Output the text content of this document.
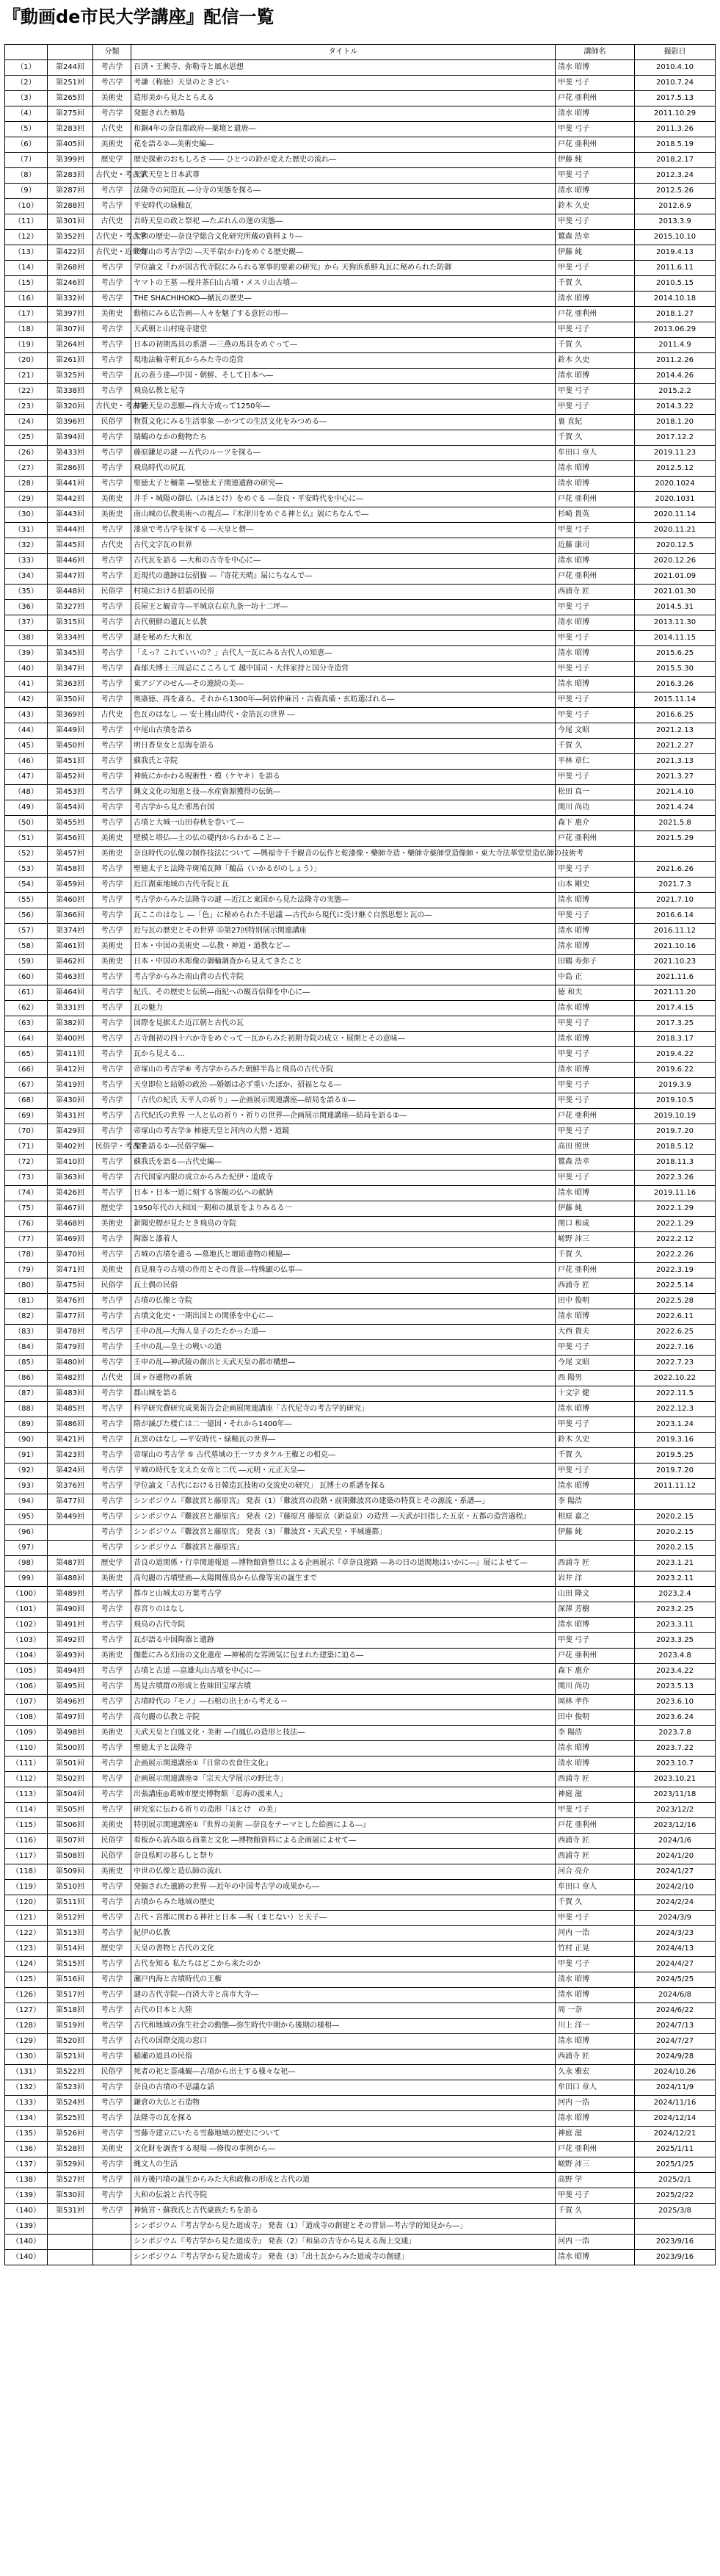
『動画de市民大学講座』配信一覧
		分類	タイトル	講師名	撮影日
（1）	第244回	考古学	百済・王興寺、弥勒寺と風水思想	清水 昭博	2010.4.10
（2）	第251回	考古学	考謙（称徳）天皇のときどい	甲斐 弓子	2010.7.24
（3）	第265回	美術史	造形美から見たとらえる	戸花 亜利州	2017.5.13
（4）	第275回	考古学	発掘された柿島	清水 昭博	2011.10.29
（5）	第283回	古代史	和銅4年の奈良都政府―薬壇と遣唐―	甲斐 弓子	2011.3.26
（6）	第405回	美術史	花を語る②―美術史編―	戸花 亜利州	2018.5.19
（7）	第399回	歴史学	歴史探索のおもしろさ ―― ひとつの鈴が変えた歴史の流れ―	伊藤 純	2018.2.17
（8）	第283回	古代史・考古学	天武天皇と日本武尊	甲斐 弓子	2012.3.24
（9）	第287回	考古学	法隆寺の同笵瓦 ―分寺の実態を探る―	清水 昭博	2012.5.26
（10）	第288回	考古学	平安時代の緑釉瓦	鈴木 久史	2012.6.9
（11）	第301回	古代史	吾時天皇の政と祭祀 ―たぶれんの運の実態―	甲斐 弓子	2013.3.9
（12）	第352回	古代史・考古学	大和の歴史―奈良学総合文化研究所蔵の資料より―	鷲森 浩幸	2015.10.10
（13）	第422回	古代史・近世史	帝塚山の考古学⑵ ―天平韋(かわ)をめぐる歴史観―	伊藤 純	2019.4.13
（14）	第268回	考古学	学位論文『わが国古代寺院にみられる軍事的要素の研究』から 天狗浜系鮮丸瓦に秘められた防御	甲斐 弓子	2011.6.11
（15）	第246回	考古学	ヤマトの王墓 ―桜井茶臼山古墳・メスリ山古墳―	千賀 久	2010.5.15
（16）	第332回	考古学	THE SHACHIHOKO―鯱瓦の歴史―	清水 昭博	2014.10.18
（17）	第397回	美術史	動植にみる広告画―人々を魅了する意匠の形―	戸花 亜利州	2018.1.27
（18）	第307回	考古学	天武朝と山村廃寺建堂	甲斐 弓子	2013.06.29
（19）	第264回	考古学	日本の初期馬具の系譜 ―三燕の馬具をめぐって―	千賀 久	2011.4.9
（20）	第261回	考古学	現地法輪寺軒瓦からみた寺の造営	鈴木 久史	2011.2.26
（21）	第325回	考古学	瓦の表う達―中国・朝鮮、そして日本へ―	清水 昭博	2014.4.26
（22）	第338回	考古学	飛鳥仏教と尼寺	甲斐 弓子	2015.2.2
（23）	第320回	古代史・考古学	柿徳天皇の悲願―西大寺成って1250年―	甲斐 弓子	2014.3.22
（24）	第396回	民俗学	物質文化にみる生活事象 ―かつての生活文化をみつめる―	裏 直紀	2018.1.20
（25）	第394回	考古学	瑞鶴のなかの動物たち	千賀 久	2017.12.2
（26）	第433回	考古学	藤原鎌足の謎 ―五代のルーツを探る―	牟田口 章人	2019.11.23
（27）	第286回	考古学	飛鳥時代の尻瓦	清水 昭博	2012.5.12
（28）	第441回	考古学	聖徳太子と輔業 ―聖徳太子関連遺跡の研究―	清水 昭博	2020.1024
（29）	第442回	美術史	井手・城陽の御仏（みほとけ）をめぐる ―奈良・平安時代を中心に―	戸花 亜利州	2020.1031
（30）	第443回	美術史	南山城の仏教美術への視点―『木津川をめぐる神と仏』展にちなんで―	杉崎 貴英	2020.11.14
（31）	第444回	考古学	漆泉で考古学を探する ―天皇と僧―	甲斐 弓子	2020.11.21
（32）	第445回	古代史	古代文字瓦の世界	近藤 康司	2020.12.5
（33）	第446回	考古学	古代瓦を語る ―大和の古寺を中心に―	清水 昭博	2020.12.26
（34）	第447回	考古学	近現代の遺跡は伝招猫 ―『寄花天晴』届にちなんで―	戸花 亜利州	2021.01.09
（35）	第448回	民俗学	村境における招請の民俗	西浦寺 匠	2021.01.30
（36）	第327回	考古学	長屋王と観音寺―平城京右京九条一坊十二坪―	甲斐 弓子	2014.5.31
（37）	第315回	考古学	古代朝鮮の遺瓦と仏教	清水 昭博	2013.11.30
（38）	第334回	考古学	謎を秘めた大和瓦	甲斐 弓子	2014.11.15
（39）	第345回	考古学	「えっ？これていいの？」古代人一瓦にみる古代人の知恵―	清水 昭博	2015.6.25
（40）	第347回	考古学	森郁夫博士三周忌にこころして 越中国司・大伴家持と国分寺造営	甲斐 弓子	2015.5.30
（41）	第363回	考古学	東アジアのせん―その連続の美―	清水 昭博	2016.3.26
（42）	第350回	考古学	奥康徳、再を斎る。それから1300年―阿倍仲麻呂・吉備真備・玄昉選ばれる―	甲斐 弓子	2015.11.14
（43）	第369回	古代史	色瓦のはなし ― 安土桃山時代・金箔瓦の世界 ―	甲斐 弓子	2016.6.25
（44）	第449回	考古学	中尾山古墳を語る	今尾 文昭	2021.2.13
（45）	第450回	考古学	明日香皇女と忍海を語る	千賀 久	2021.2.27
（46）	第451回	考古学	蘇我氏と寺院	平林 章仁	2021.3.13
（47）	第452回	考古学	神統にかかわる呪術性・模（ケヤキ）を語る	甲斐 弓子	2021.3.27
（48）	第453回	考古学	縄文文化の知恵と技―水産資源獲得の伝統―	松田 真一	2021.4.10
（49）	第454回	考古学	考古学から見た邪馬台国	関川 尚功	2021.4.24
（50）	第455回	考古学	古墳と大城一山田春秋を巻いて―	森下 惠介	2021.5.8
（51）	第456回	美術史	壁模と塔仏―土の仏の礎内からわかること―	戸花 亜利州	2021.5.29
（52）	第457回	美術史	奈良時代の仏像の制作技法について ―興福寺千手観音の伝作と乾漆像・藥師寺造・藥師寺薬師堂造像師・東大寺法華堂堂造仏師の技術考		
（53）	第458回	考古学	聖徳太子と法隆寺斑鳩瓦陣「鵤品（いかるがのしょう）」	甲斐 弓子	2021.6.26
（54）	第459回	考古学	近江湖東地域の古代寺院と瓦	山本 剛史	2021.7.3
（55）	第460回	考古学	考古学からみた法隆寺の謎 ―近江と東国から見た法隆寺の実態―	清水 昭博	2021.7.10
（56）	第366回	考古学	瓦ここのはなし ―「色」に秘められた不思議 ―古代から現代に受け継ぐ自然思想と瓦の―	甲斐 弓子	2016.6.14
（57）	第374回	考古学	近与瓦の歴史とその世界 ⑮第27回特別展示関連講座	清水 昭博	2016.11.12
（58）	第461回	美術史	日本・中国の美術史 ―仏教・神道・道教など―	清水 昭博	2021.10.16
（59）	第462回	美術史	日本・中国の木彫像の御輪調査から見えてきたこと	田鶴 寿弥子	2021.10.23
（60）	第463回	考古学	考古学からみた南山背の古代寺院	中島 正	2021.11.6
（61）	第464回	考古学	紀氏、その歴史と伝統―南紀への観音信仰を中心に―	徳 和夫	2021.11.20
（62）	第331回	考古学	瓦の魅力	清水 昭博	2017.4.15
（63）	第382回	考古学	国際を見据えた近江朝と古代の瓦	甲斐 弓子	2017.3.25
（64）	第400回	考古学	古寺創初の四十六か寺をめぐって一瓦からみた初期寺院の成立・展開とその意味―	清水 昭博	2018.3.17
（65）	第411回	考古学	瓦から見える…	甲斐 弓子	2019.4.22
（66）	第412回	考古学	帝塚山の考古学⑥ 考古学からみた朝鮮半島と飛鳥の古代寺院	清水 昭博	2019.6.22
（67）	第419回	考古学	天皇即位と結婚の政治 ―婚姻は必ず重いたぼか、招福となる―	甲斐 弓子	2019.3.9
（68）	第430回	考古学	「古代の紀氏 天平人の祈り」―企画展示関連講座―結局を語る①―	甲斐 弓子	2019.10.5
（69）	第431回	考古学	古代紀氏の世界 一人と仏の祈り・祈りの世界―企画展示関連講座―結局を語る②―	戸花 亜利州	2019.10.19
（70）	第429回	考古学	帝塚山の考古学③ 柿徳天皇と河内の大僧・道鏡	甲斐 弓子	2019.7.20
（71）	第402回	民俗学・考古学	鬼を語る①―民俗学編―	高田 照世	2018.5.12
（72）	第410回	考古学	蘇我氏を語る―古代史編―	鷲森 浩幸	2018.11.3
（73）	第363回	考古学	古代国家内限の成立からみた紀伊・道成寺	甲斐 弓子	2022.3.26
（74）	第426回	考古学	日本・日本一道に刻する客観の仏への献納	清水 昭博	2019.11.16
（75）	第467回	歴史学	1950年代の大和国一期和の風景をよりみるる一	伊藤 純	2022.1.29
（76）	第468回	美術史	新聞史標が見たとき飛鳥の寺院	関口 和成	2022.1.29
（77）	第469回	考古学	陶器と漆着人	嵯野 沛三	2022.2.12
（78）	第470回	考古学	古城の古墳を遺る ―墓地氏と壇暗遺物の種脇―	千賀 久	2022.2.26
（79）	第471回	美術史	直見飛寺の古墳の作用とその背景―特殊顕の仏事―	戸花 亜利州	2022.3.19
（80）	第475回	民俗学	瓦土偶の民俗	西浦寺 匠	2022.5.14
（81）	第476回	考古学	古墳の仏像と寺院	田中 俊明	2022.5.28
（82）	第477回	考古学	古墳文化史・一期出国との関係を中心に―	清水 昭博	2022.6.11
（83）	第478回	考古学	壬申の乱―大海人皇子のたたかった道―	大西 貴夫	2022.6.25
（84）	第479回	考古学	壬申の乱―皇士の戦いの道	甲斐 弓子	2022.7.16
（85）	第480回	考古学	壬申の乱―神武陵の創出と天武天皇の都市構想―	今尾 文昭	2022.7.23
（86）	第482回	古代史	国ヶ谷遺物の系統	西 陽男	2022.10.22
（87）	第483回	考古学	郡山城を語る	十文字 健	2022.11.5
（88）	第485回	考古学	科学研究費研究成果報告会企画展関連講座「古代尼寺の考古学的研究」	清水 昭博	2022.12.3
（89）	第486回	考古学	隋が滅びた楼亡は二一億国・それから1400年―	甲斐 弓子	2023.1.24
（90）	第421回	考古学	瓦窯のはなし ―平安時代・緑釉瓦の世界―	鈴木 久史	2019.3.16
（91）	第423回	考古学	帝塚山の考古学 ⑤ 古代墓域の王一ワカタケル王権との相克―	千賀 久	2019.5.25
（92）	第424回	考古学	平城の時代を支えた女帝と二代 ―元明・元正天皇―	甲斐 弓子	2019.7.20
（93）	第376回	考古学	学位論文「古代における日韓造瓦技術の交流史の研究」 瓦博士の系譜を探る	清水 昭博	2011.11.12
（94）	第477回	考古学	シンポジウム『難波宮と藤原宮』 発表（1）「難波宮の段階・前期難波宮の建築の特質とその源流・系譜―」	李 陽浩	
（95）	第449回	考古学	シンポジウム『難波宮と藤原宮』 発表（2）『藤原宮 藤原京（新益京）の造営 ―天武が目指した五京・五都の造営過程』	相原 嘉之	2020.2.15
（96）		考古学	シンポジウム『難波宮と藤原宮』 発表（3）「難波宮・天武天皇・平城遷都」	伊藤 純	2020.2.15
（97）		考古学	シンポジウム『難波宮と藤原宮』		2020.2.15
（98）	第487回	歴史学	昔良の道関係・行幸関連報道 ―博物館資整旦による企画展示『卓奈良遊路 ―あの日の道関地はいかに―』展によせて―	西浦寺 匠	2023.1.21
（99）	第488回	美術史	高句麗の古墳壁画―太陽関係鳥から仏像等実の誕生まで	岩井 洋	2023.2.11
（100）	第489回	考古学	都市と山城太の万葉考古学	山田 隆文	2023.2.4
（101）	第490回	考古学	春宮りのはなし	深澤 芳樹	2023.2.25
（102）	第491回	考古学	飛鳥の古代寺院	清水 昭博	2023.3.11
（103）	第492回	考古学	瓦が語る中国陶器と遺跡	甲斐 弓子	2023.3.25
（104）	第493回	美術史	伽藍にみる幻南の文化遺産 ―神秘的な雰囲気に包まれた建築に迫る―	戸花 亜利州	2023.4.8
（105）	第494回	考古学	古墳と古道 ―富雄丸山古墳を中心に―	森下 惠介	2023.4.22
（106）	第495回	考古学	馬見古墳群の形成と佐味田宝塚古墳	関川 尚功	2023.5.13
（107）	第496回	考古学	古墳時代の『モノ』―石棺の出土から考えるー	岡林 孝作	2023.6.10
（108）	第497回	考古学	高句麗の仏教と寺院	田中 俊明	2023.6.24
（109）	第498回	美術史	天武天皇と白鳳文化・美術 ―白鳳仏の造形と技法―	李 陽浩	2023.7.8
（110）	第500回	考古学	聖徳太子と法隆寺	清水 昭博	2023.7.22
（111）	第501回	考古学	企画展示関連講座①『日常の衣食住文化』	清水 昭博	2023.10.7
（112）	第502回	考古学	企画展示関連講座②「宗天大学展示の野比寺」	西浦寺 匠	2023.10.21
（113）	第504回	考古学	出張講座◎葛城市歴史博物館「忍海の渡来人」	神庭 滋	2023/11/18
（114）	第505回	考古学	研究室に伝わる祈りの造形「ほとけ　の美」	甲斐 弓子	2023/12/2
（115）	第506回	美術史	特別展示関連講座①『世界の美術 ―奈良をテーマとした絵画による―』	戸花 亜利州	2023/12/16
（116）	第507回	民俗学	看板から読み取る商業と文化 ―博物館資料による企画展によせて―	西浦寺 匠	2024/1/6
（117）	第508回	民俗学	奈良県町の暮らしと祭り	西浦寺 匠	2024/1/20
（118）	第509回	美術史	中世の仏像と造仏師の流れ	河合 亮介	2024/1/27
（119）	第510回	考古学	発掘された遺跡の世界 ―近年の中国考古学の成果から―	牟田口 章人	2024/2/10
（120）	第511回	考古学	古墳からみた地域の歴史	千賀 久	2024/2/24
（121）	第512回	考古学	古代・宮都に関わる神社と日本 ―呪（まじない）と天子―	甲斐 弓子	2024/3/9
（122）	第513回	考古学	紀伊の仏教	河内 一浩	2024/3/23
（123）	第514回	歴史学	天皇の書物と古代の文化	竹村 正晃	2024/4/13
（124）	第515回	考古学	古代を知る 私たちはどこから来たのか	甲斐 弓子	2024/4/27
（125）	第516回	考古学	瀬戸内海と古墳時代の王権	清水 昭博	2024/5/25
（126）	第517回	考古学	謎の古代寺院―百済大寺と高市大寺―	清水 昭博	2024/6/8
（127）	第518回	考古学	古代の日本と大陸	周 一奈	2024/6/22
（128）	第519回	考古学	古代和地域の弥生社会の動態―弥生時代中期から後期の様相―	川上 洋一	2024/7/13
（129）	第520回	考古学	古代の国際交流の窓口	清水 昭博	2024/7/27
（130）	第521回	考古学	稲瀬の道具の民俗	西浦寺 匠	2024/9/28
（131）	第522回	民俗学	死者の祀と霊魂観―古墳から出土する様々な祀―	久永 雅宏	2024/10.26
（132）	第523回	考古学	奈良の古墳の不思議な話	牟田口 章人	2024/11/9
（133）	第524回	考古学	鎌倉の大仏と石造物	河内 一浩	2024/11/16
（134）	第525回	考古学	法隆寺の瓦を探る	清水 昭博	2024/12/14
（135）	第526回	考古学	雪藤寺建立にいたる雪藤地域の歴史について	神庭 滋	2024/12/21
（136）	第528回	美術史	文化財を調査する現場 ―修復の事例から―	戸花 亜利州	2025/1/11
（137）	第529回	考古学	縄文人の生活	嵯野 沛三	2025/1/25
（138）	第527回	考古学	前方後円墳の誕生からみた大和政権の形成と古代の道	高野 学	2025/2/1
（139）	第530回	考古学	大和の伝説と古代寺院	甲斐 弓子	2025/2/22
（140）	第531回	考古学	神統宮・蘇我氏と古代豪族たちを語る	千賀 久	2025/3/8
（139）			シンポジウム『考古学から見た道成寺』 発表（1）「道成寺の創建とその背景―考古学的知見から―」		
（140）			シンポジウム『考古学から見た道成寺』 発表（2）「和泉の古寺から見える海上交通」	河内 一浩	2023/9/16
（140）			シンポジウム『考古学から見た道成寺』 発表（3）「出土瓦からみた道成寺の創建」	清水 昭博	2023/9/16
